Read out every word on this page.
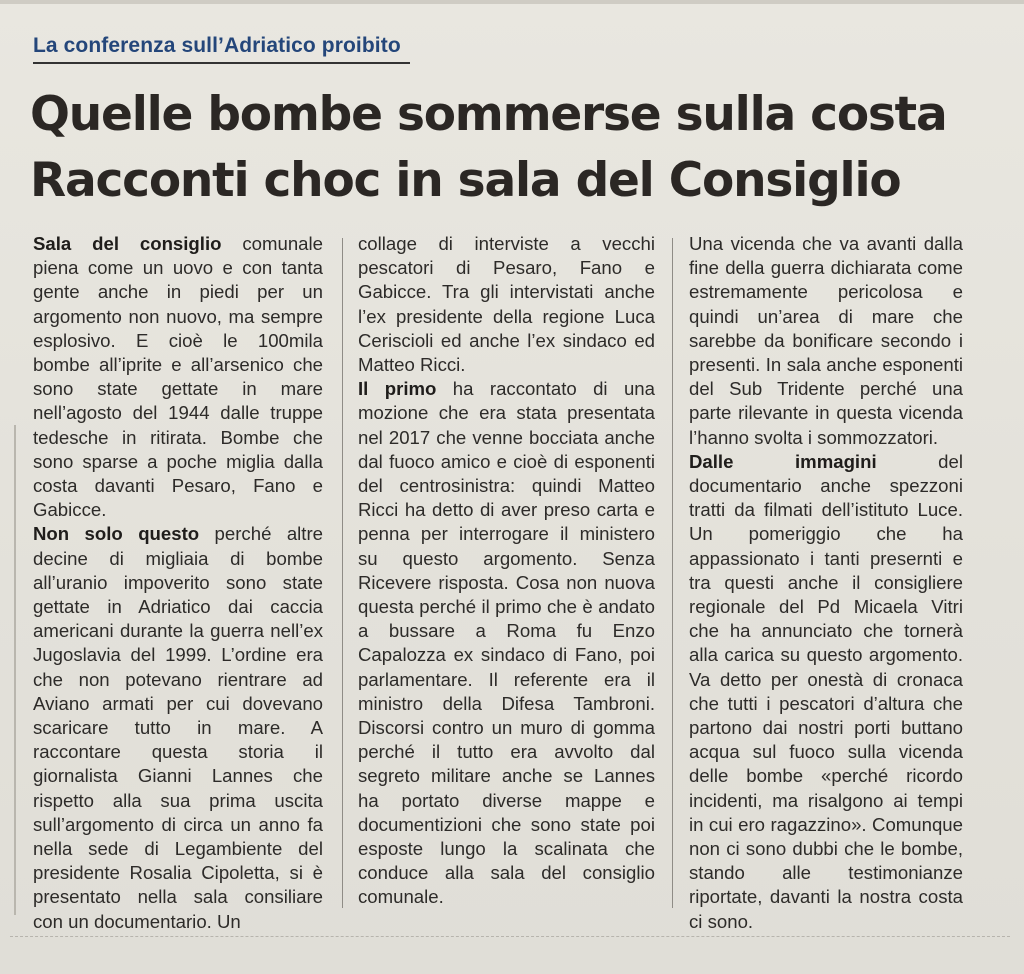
La conferenza sull’Adriatico proibito
Quelle bombe sommerse sulla costa
Racconti choc in sala del Consiglio

Sala del consiglio comunale piena come un uovo e con tanta gente anche in piedi per un argomento non nuovo, ma sempre esplosivo. E cioè le 100mila bombe all’iprite e all’arsenico che sono state gettate in mare nell’agosto del 1944 dalle truppe tedesche in ritirata. Bombe che sono sparse a poche miglia dalla costa davanti Pesaro, Fano e Gabicce.

Non solo questo perché altre decine di migliaia di bombe all’uranio impoverito sono state gettate in Adriatico dai caccia americani durante la guerra nell’ex Jugoslavia del 1999. L’ordine era che non potevano rientrare ad Aviano armati per cui dovevano scaricare tutto in mare. A raccontare questa storia il giornalista Gianni Lannes che rispetto alla sua prima uscita sull’argomento di circa un anno fa nella sede di Legambiente del presidente Rosalia Cipoletta, si è presentato nella sala consiliare con un documentario. Un

collage di interviste a vecchi pescatori di Pesaro, Fano e Gabicce. Tra gli intervistati anche l’ex presidente della regione Luca Ceriscioli ed anche l’ex sindaco ed Matteo Ricci.

Il primo ha raccontato di una mozione che era stata presentata nel 2017 che venne bocciata anche dal fuoco amico e cioè di esponenti del centrosinistra: quindi Matteo Ricci ha detto di aver preso carta e penna per interrogare il ministero su questo argomento. Senza Ricevere risposta. Cosa non nuova questa perché il primo che è andato a bussare a Roma fu Enzo Capalozza ex sindaco di Fano, poi parlamentare. Il referente era il ministro della Difesa Tambroni. Discorsi contro un muro di gomma perché il tutto era avvolto dal segreto militare anche se Lannes ha portato diverse mappe e documentizioni che sono state poi esposte lungo la scalinata che conduce alla sala del consiglio comunale.

Una vicenda che va avanti dalla fine della guerra dichiarata come estremamente pericolosa e quindi un’area di mare che sarebbe da bonificare secondo i presenti. In sala anche esponenti del Sub Tridente perché una parte rilevante in questa vicenda l’hanno svolta i sommozzatori.

Dalle immagini del documentario anche spezzoni tratti da filmati dell’istituto Luce. Un pomeriggio che ha appassionato i tanti presernti e tra questi anche il consigliere regionale del Pd Micaela Vitri che ha annunciato che tornerà alla carica su questo argomento. Va detto per onestà di cronaca che tutti i pescatori d’altura che partono dai nostri porti buttano acqua sul fuoco sulla vicenda delle bombe «perché ricordo incidenti, ma risalgono ai tempi in cui ero ragazzino». Comunque non ci sono dubbi che le bombe, stando alle testimonianze riportate, davanti la nostra costa ci sono.
